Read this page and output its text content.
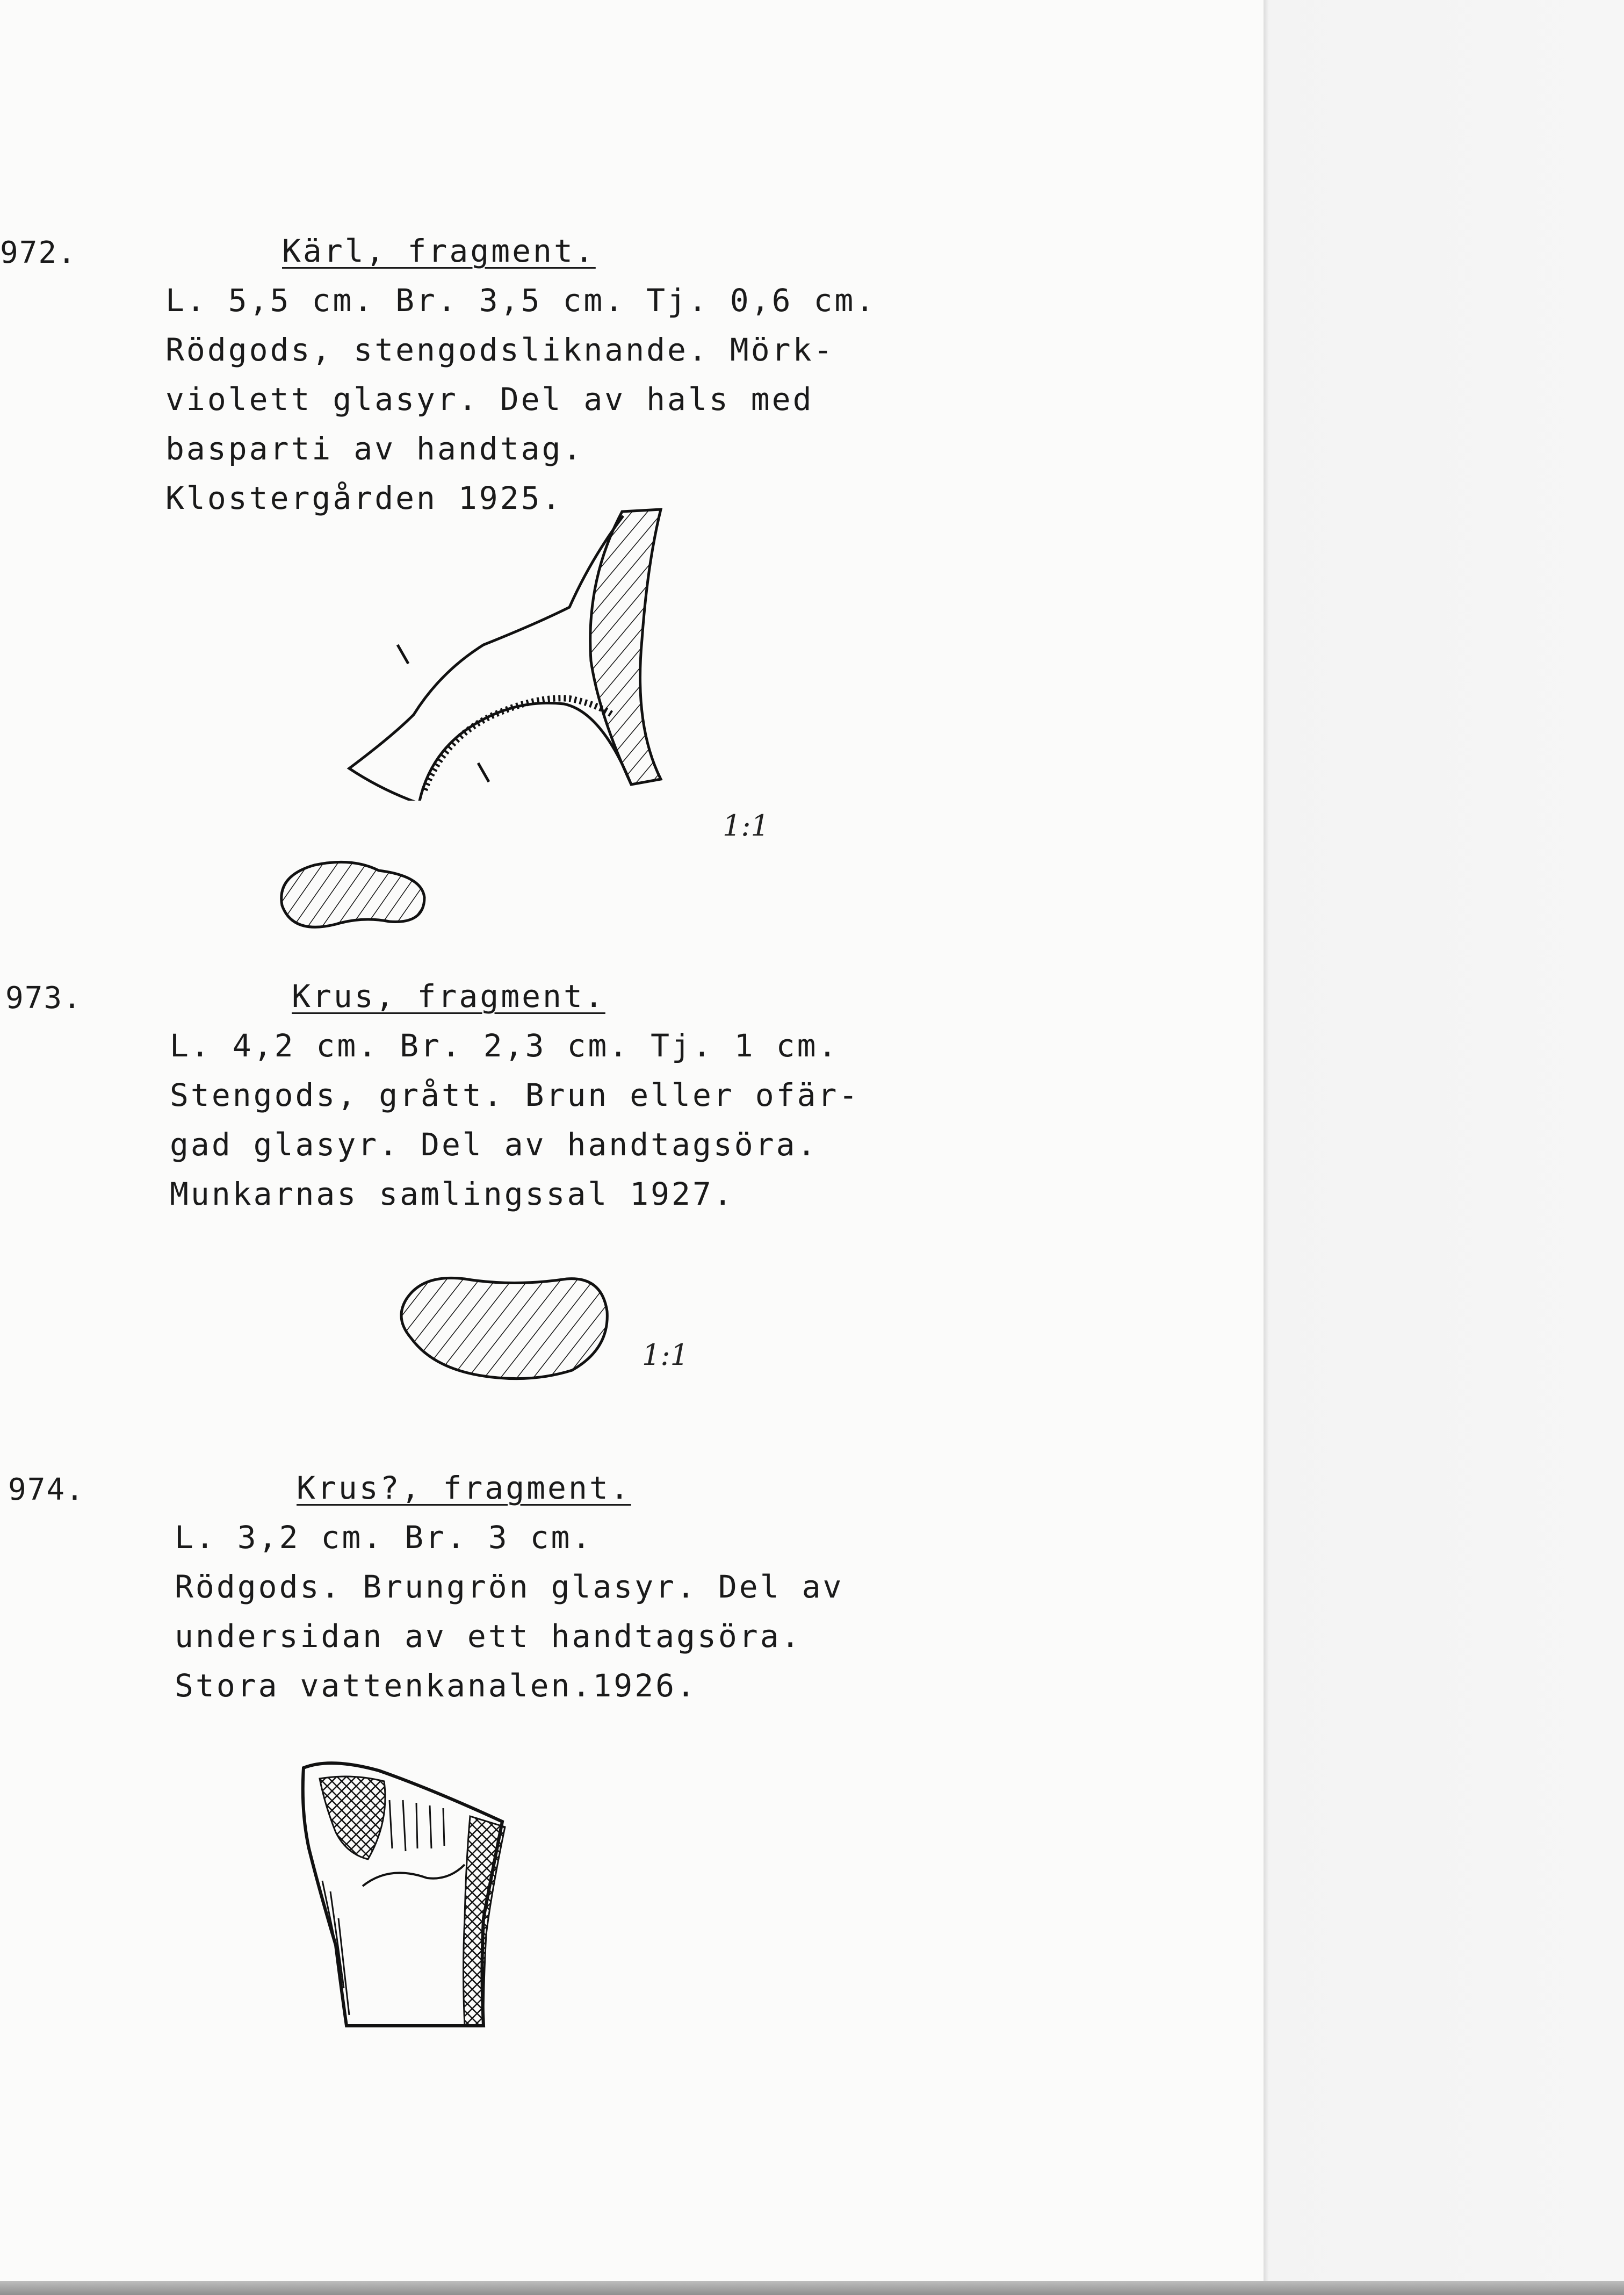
972.	Kärl, fragment.
L. 5,5 cm. Br. 3,5 cm. Tj. 0,6 cm.
Rödgods, stengodsliknande. Mörk-
violett glasyr. Del av hals med
basparti av handtag.
Klostergården 1925.
1:1
973.	Krus, fragment.
L. 4,2 cm. Br. 2,3 cm. Tj. 1 cm.
Stengods, grått. Brun eller ofär-
gad glasyr. Del av handtagsöra.
Munkarnas samlingssal 1927.
1:1
974.	Krus?, fragment.
L. 3,2 cm. Br. 3 cm.
Rödgods. Brungrön glasyr. Del av
undersidan av ett handtagsöra.
Stora vattenkanalen.1926.
